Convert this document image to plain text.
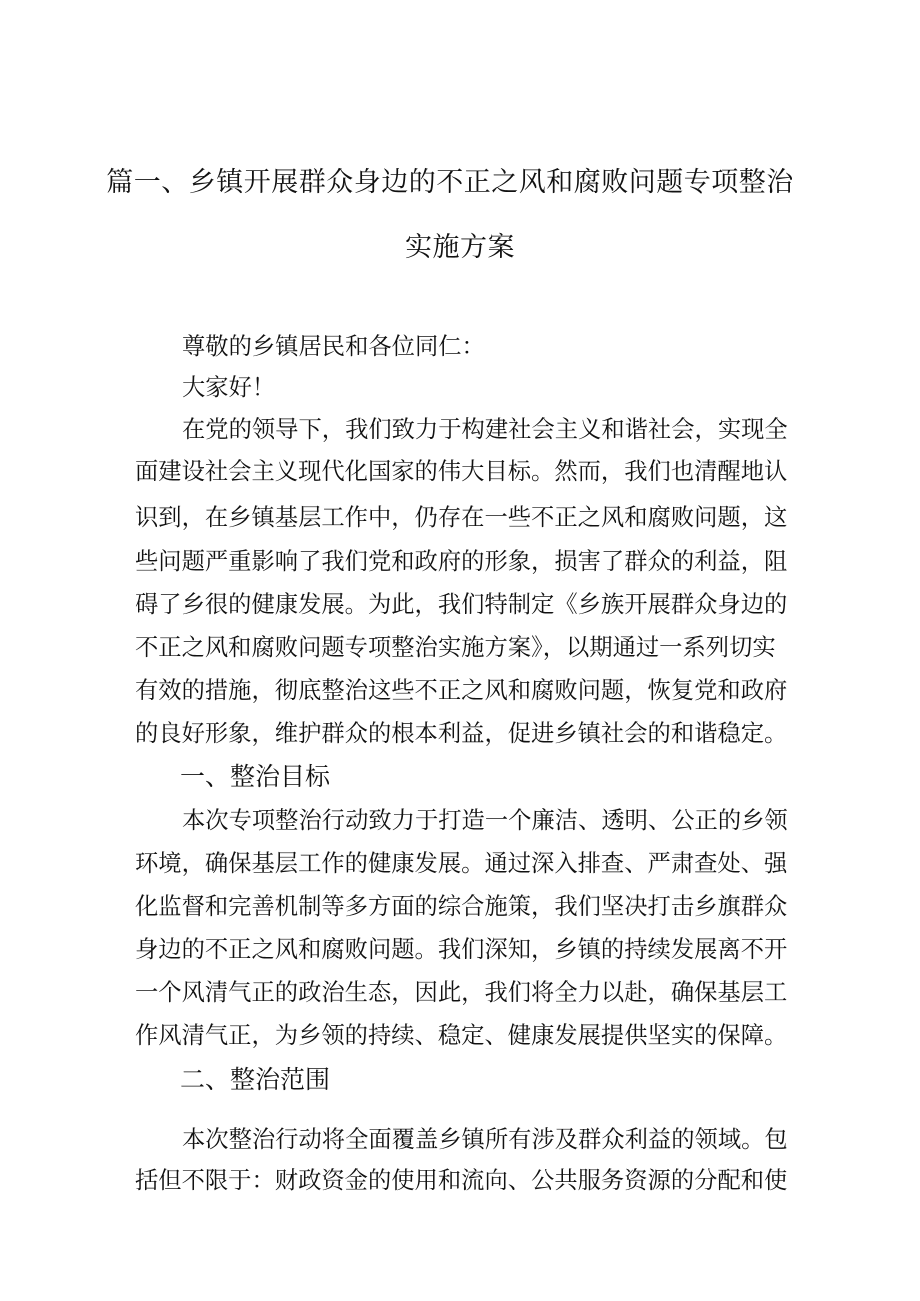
篇一、乡镇开展群众身边的不正之风和腐败问题专项整治
实施方案
尊敬的乡镇居民和各位同仁：
大家好！
在党的领导下，我们致力于构建社会主义和谐社会，实现全
面建设社会主义现代化国家的伟大目标。然而，我们也清醒地认
识到，在乡镇基层工作中，仍存在一些不正之风和腐败问题，这
些问题严重影响了我们党和政府的形象，损害了群众的利益，阻
碍了乡很的健康发展。为此，我们特制定《乡族开展群众身边的
不正之风和腐败问题专项整治实施方案》，以期通过一系列切实
有效的措施，彻底整治这些不正之风和腐败问题，恢复党和政府
的良好形象，维护群众的根本利益，促进乡镇社会的和谐稳定。
一、整治目标
本次专项整治行动致力于打造一个廉洁、透明、公正的乡领
环境，确保基层工作的健康发展。通过深入排查、严肃查处、强
化监督和完善机制等多方面的综合施策，我们坚决打击乡旗群众
身边的不正之风和腐败问题。我们深知，乡镇的持续发展离不开
一个风清气正的政治生态，因此，我们将全力以赴，确保基层工
作风清气正，为乡领的持续、稳定、健康发展提供坚实的保障。
二、整治范围
本次整治行动将全面覆盖乡镇所有涉及群众利益的领域。包
括但不限于：财政资金的使用和流向、公共服务资源的分配和使
